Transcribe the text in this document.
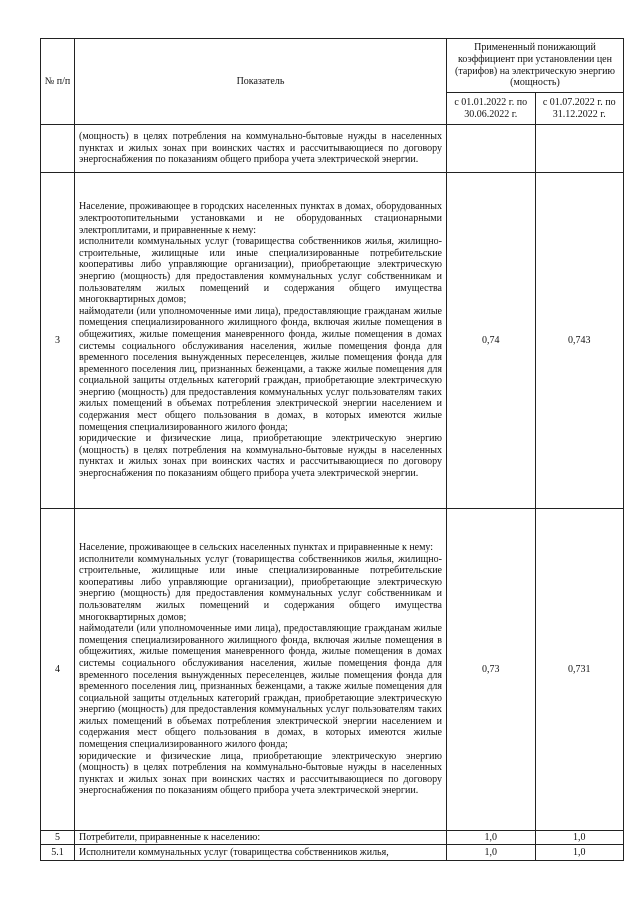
№ п/п	Показатель	Примененный понижающий коэффициент при установлении цен (тарифов) на электрическую энергию (мощность)	
		с 01.01.2022 г. по 30.06.2022 г.	с 01.07.2022 г. по 31.12.2022 г.

	(мощность) в целях потребления на коммунально-бытовые нужды в населенных пунктах и жилых зонах при воинских частях и рассчитывающиеся по договору энергоснабжения по показаниям общего прибора учета электрической энергии.		

3	Население, проживающее в городских населенных пунктах в домах, оборудованных электроотопительными установками и не оборудованных стационарными электроплитами, и приравненные к нему:
исполнители коммунальных услуг (товарищества собственников жилья, жилищно-строительные, жилищные или иные специализированные потребительские кооперативы либо управляющие организации), приобретающие электрическую энергию (мощность) для предоставления коммунальных услуг собственникам и пользователям жилых помещений и содержания общего имущества многоквартирных домов;
наймодатели (или уполномоченные ими лица), предоставляющие гражданам жилые помещения специализированного жилищного фонда, включая жилые помещения в общежитиях, жилые помещения маневренного фонда, жилые помещения в домах системы социального обслуживания населения, жилые помещения фонда для временного поселения вынужденных переселенцев, жилые помещения фонда для временного поселения лиц, признанных беженцами, а также жилые помещения для социальной защиты отдельных категорий граждан, приобретающие электрическую энергию (мощность) для предоставления коммунальных услуг пользователям таких жилых помещений в объемах потребления электрической энергии населением и содержания мест общего пользования в домах, в которых имеются жилые помещения специализированного жилого фонда;
юридические и физические лица, приобретающие электрическую энергию (мощность) в целях потребления на коммунально-бытовые нужды в населенных пунктах и жилых зонах при воинских частях и рассчитывающиеся по договору энергоснабжения по показаниям общего прибора учета электрической энергии.	0,74	0,743
4	Население, проживающее в сельских населенных пунктах и приравненные к нему:
исполнители коммунальных услуг (товарищества собственников жилья, жилищно-строительные, жилищные или иные специализированные потребительские кооперативы либо управляющие организации), приобретающие электрическую энергию (мощность) для предоставления коммунальных услуг собственникам и пользователям жилых помещений и содержания общего имущества многоквартирных домов;
наймодатели (или уполномоченные ими лица), предоставляющие гражданам жилые помещения специализированного жилищного фонда, включая жилые помещения в общежитиях, жилые помещения маневренного фонда, жилые помещения в домах системы социального обслуживания населения, жилые помещения фонда для временного поселения вынужденных переселенцев, жилые помещения фонда для временного поселения лиц, признанных беженцами, а также жилые помещения для социальной защиты отдельных категорий граждан, приобретающие электрическую энергию (мощность) для предоставления коммунальных услуг пользователям таких жилых помещений в объемах потребления электрической энергии населением и содержания мест общего пользования в домах, в которых имеются жилые помещения специализированного жилого фонда;
юридические и физические лица, приобретающие электрическую энергию (мощность) в целях потребления на коммунально-бытовые нужды в населенных пунктах и жилых зонах при воинских частях и рассчитывающиеся по договору энергоснабжения по показаниям общего прибора учета электрической энергии.	0,73	0,731
5	Потребители, приравненные к населению:	1,0	1,0
5.1	Исполнители коммунальных услуг (товарищества собственников жилья,	1,0	1,0
